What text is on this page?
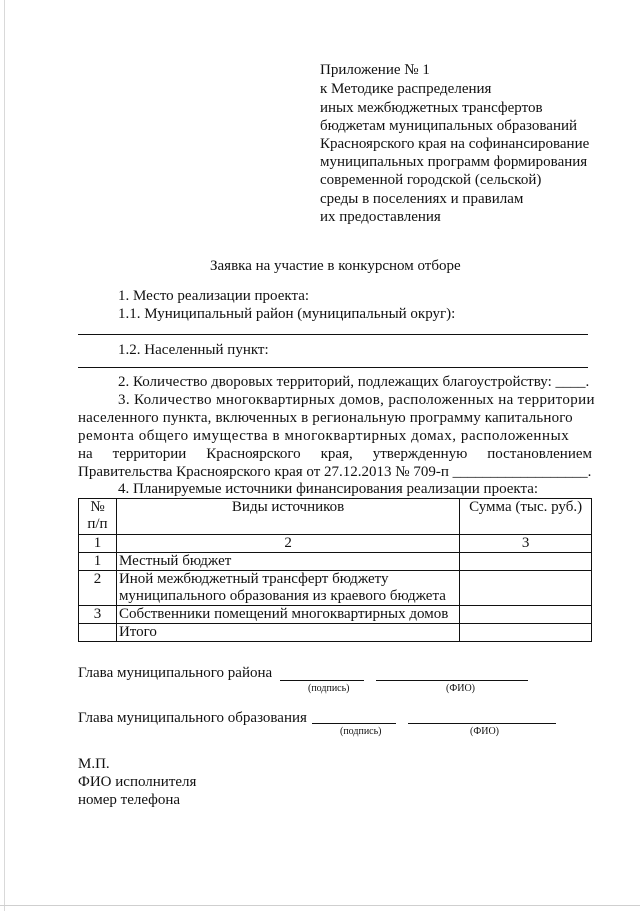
Приложение № 1
к Методике распределения
иных межбюджетных трансфертов
бюджетам муниципальных образований
Красноярского края на софинансирование
муниципальных программ формирования
современной городской (сельской)
среды в поселениях и правилам
их предоставления
Заявка на участие в конкурсном отборе
1. Место реализации проекта:
1.1. Муниципальный район (муниципальный округ):
1.2. Населенный пункт:
2. Количество дворовых территорий, подлежащих благоустройству: ____.
3. Количество многоквартирных домов, расположенных на территории
населенного пункта, включенных в региональную программу капитального
ремонта общего имущества в многоквартирных домах, расположенных
на территории Красноярского края, утвержденную постановлением
Правительства Красноярского края от 27.12.2013 № 709-п __________________.
4. Планируемые источники финансирования реализации проекта:
№
п/п	Виды источников	Сумма (тыс. руб.)
1	2	3
1	Местный бюджет	
2	Иной межбюджетный трансферт бюджету муниципального образования из краевого бюджета	
3	Собственники помещений многоквартирных домов	
	Итого	
Глава муниципального района
(подпись)	(ФИО)
Глава муниципального образования
(подпись)	(ФИО)
М.П.
ФИО исполнителя
номер телефона
